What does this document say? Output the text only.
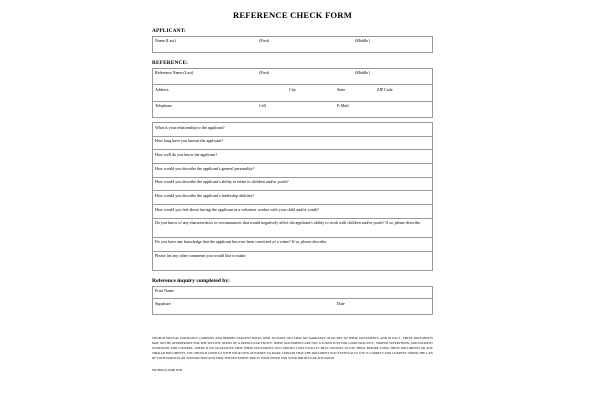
REFERENCE CHECK FORM
APPLICANT:
Name (Last)	(First)	(Middle)
REFERENCE:
Reference Name (Last)	(First)	(Middle)

Address	City	State	ZIP Code

Telephone	Cell	E-Mail
What is your relationship to the applicant?

How long have you known the applicant?

How well do you know the applicant?

How would you describe the applicant's general personality?

How would you describe the applicant's ability to relate to children and/or youth?

How would you describe the applicant's leadership abilities?

How would you feel about having the applicant as a volunteer worker with your child and/or youth?

Do you know of any characteristics or circumstances that would negatively affect the applicant's ability to work with children and/or youth? If so, please describe.

Do you have any knowledge that the applicant has ever been convicted of a crime? If so, please describe.

Please list any other comments you would like to make.
Reference inquiry completed by:
Print Name

Signature	Date
CHURCH MUTUAL INSURANCE COMPANY AND HERMES SARGENT BATES WISH TO POINT OUT THAT NO WARRANTY ATTACHES TO THESE DOCUMENTS, AND IN FACT , THESE DOCUMENTS MAY NOT BE APPROPRIATE FOR THE SPECIFIC NEEDS OF A PARTICULAR ENTITY. THESE DOCUMENTS ARE NOT A SUBSTITUTE FOR GOOD PRACTICE , PROPER SUPERVISION, AND DILIGENT OVERSIGHT AND CONTROL. THERE IS NO GUARANTEE THAT THESE DOCUMENTS WILL PROTECT ANY FACILITY THAT CHOOSES TO USE THEM. BEFORE USING THESE DOCUMENTS OR ANY SIMILAR DOCUMENTS, YOU SHOULD CONSULT WITH YOUR OWN ATTORNEY TO MAKE CERTAIN THAT THE DOCUMENT YOU EVENTUALLY USE IS CORRECT AND CURRENT UNDER THE LAW OF YOUR PARTICULAR JURISDICTION AND THAT THE DOCUMENT MEETS YOUR NEEDS FOR YOUR PARTICULAR SITUATION.
FM 9869 (6.2008) DSB
